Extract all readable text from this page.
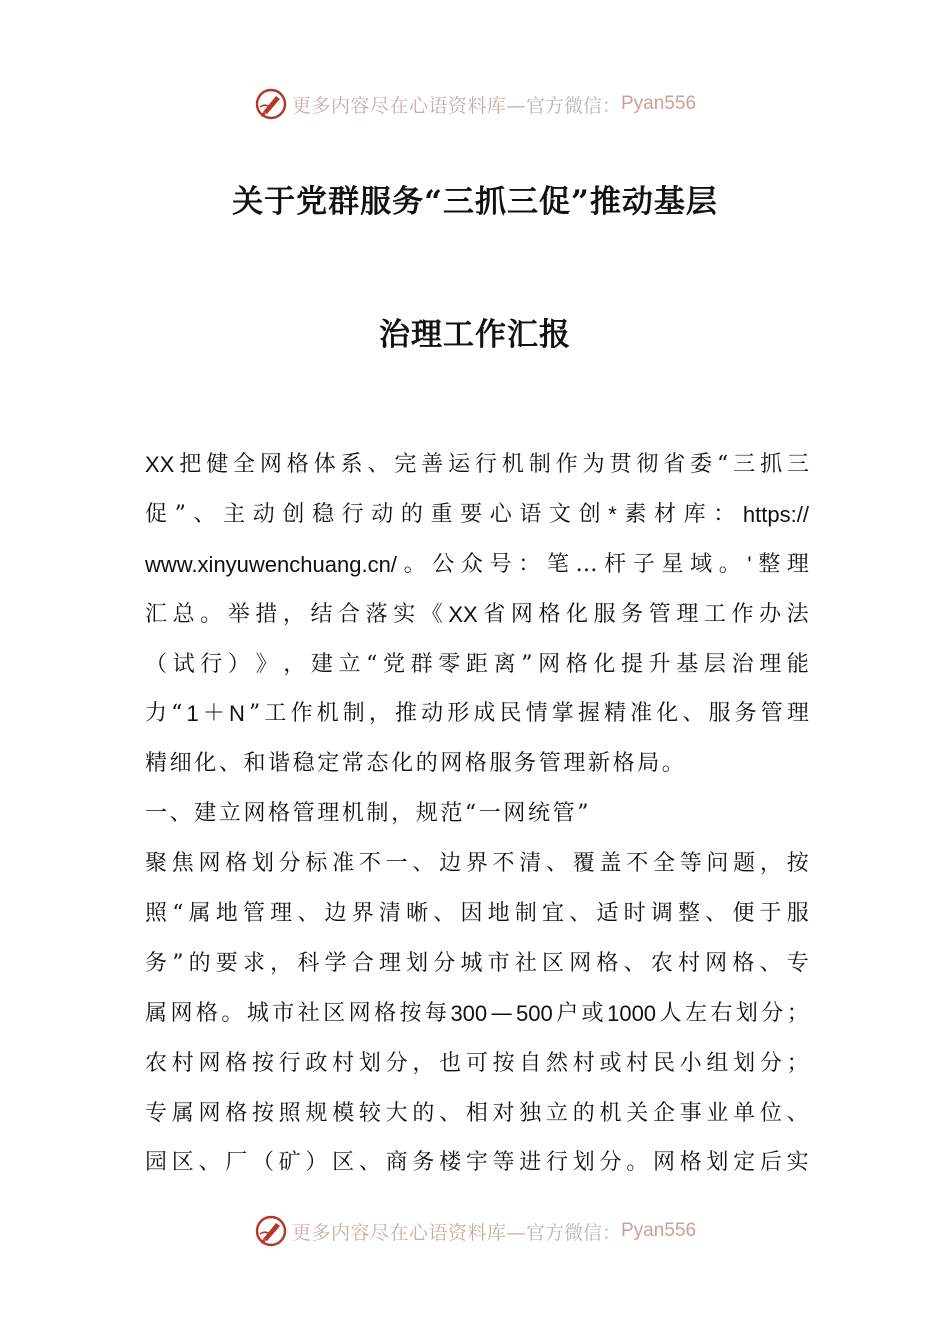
更多内容尽在心语资料库— 官方微信： Pyan556
关于党群服务“三抓三促”推动基层
治理工作汇报
XX 把 健 全 网 格 体 系 、 完 善 运 行 机 制 作 为 贯 彻 省 委 “ 三 抓 三
促 ” 、 主 动 创 稳 行 动 的 重 要 心 语 文 创 * 素 材 库 ： https://
www.xinyuwenchuang.cn/ 。 公 众 号 ： 笔 … 杆 子 星 域 。 ' 整 理
汇 总 。 举 措 ， 结 合 落 实 《 XX 省 网 格 化 服 务 管 理 工 作 办 法
（ 试 行 ） 》 ， 建 立 “ 党 群 零 距 离 ” 网 格 化 提 升 基 层 治 理 能
力 “ 1 ＋ N ” 工 作 机 制 ， 推 动 形 成 民 情 掌 握 精 准 化 、 服 务 管 理
精 细 化 、 和 谐 稳 定 常 态 化 的 网 格 服 务 管 理 新 格 局 。
一 、 建 立 网 格 管 理 机 制 ， 规 范 “ 一 网 统 管 ”
聚 焦 网 格 划 分 标 准 不 一 、 边 界 不 清 、 覆 盖 不 全 等 问 题 ， 按
照 “ 属 地 管 理 、 边 界 清 晰 、 因 地 制 宜 、 适 时 调 整 、 便 于 服
务 ” 的 要 求 ， 科 学 合 理 划 分 城 市 社 区 网 格 、 农 村 网 格 、 专
属 网 格 。 城 市 社 区 网 格 按 每 300 — 500 户 或 1000 人 左 右 划 分 ；
农 村 网 格 按 行 政 村 划 分 ， 也 可 按 自 然 村 或 村 民 小 组 划 分 ；
专 属 网 格 按 照 规 模 较 大 的 、 相 对 独 立 的 机 关 企 事 业 单 位 、
园 区 、 厂 （ 矿 ） 区 、 商 务 楼 宇 等 进 行 划 分 。 网 格 划 定 后 实
更多内容尽在心语资料库— 官方微信： Pyan556
